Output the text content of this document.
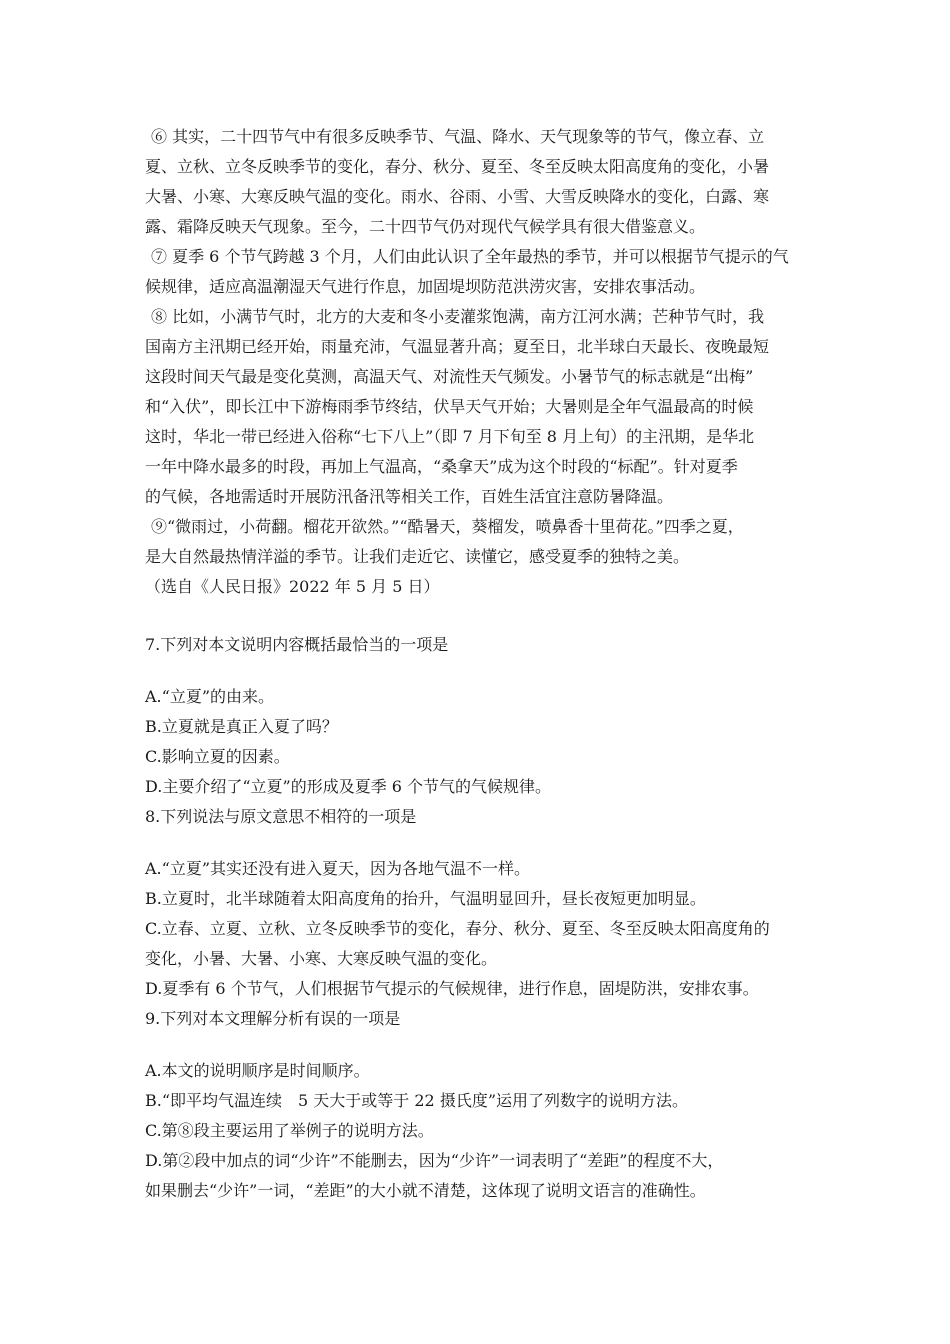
⑥ 其实，二十四节气中有很多反映季节、气温、降水、天气现象等的节气，像立春、立
夏、立秋、立冬反映季节的变化，春分、秋分、夏至、冬至反映太阳高度角的变化，小暑
大暑、小寒、大寒反映气温的变化。雨水、谷雨、小雪、大雪反映降水的变化，白露、寒
露、霜降反映天气现象。至今，二十四节气仍对现代气候学具有很大借鉴意义。
⑦ 夏季 6 个节气跨越 3 个月，人们由此认识了全年最热的季节，并可以根据节气提示的气
候规律，适应高温潮湿天气进行作息，加固堤坝防范洪涝灾害，安排农事活动。
⑧ 比如，小满节气时，北方的大麦和冬小麦灌浆饱满，南方江河水满；芒种节气时，我
国南方主汛期已经开始，雨量充沛，气温显著升高；夏至日，北半球白天最长、夜晚最短
这段时间天气最是变化莫测，高温天气、对流性天气频发。小暑节气的标志就是“出梅”
和“入伏”，即长江中下游梅雨季节终结，伏旱天气开始；大暑则是全年气温最高的时候
这时，华北一带已经进入俗称“七下八上”（即 7 月下旬至 8 月上旬）的主汛期，是华北
一年中降水最多的时段，再加上气温高，“桑拿天”成为这个时段的“标配”。针对夏季
的气候，各地需适时开展防汛备汛等相关工作，百姓生活宜注意防暑降温。
⑨“微雨过，小荷翻。榴花开欲然。”“酷暑天，葵榴发，喷鼻香十里荷花。”四季之夏，
是大自然最热情洋溢的季节。让我们走近它、读懂它，感受夏季的独特之美。
（选自《人民日报》2022 年 5 月 5 日）
7.下列对本文说明内容概括最恰当的一项是
A.“立夏”的由来。
B.立夏就是真正入夏了吗？
C.影响立夏的因素。
D.主要介绍了“立夏”的形成及夏季 6 个节气的气候规律。
8.下列说法与原文意思不相符的一项是
A.“立夏”其实还没有进入夏天，因为各地气温不一样。
B.立夏时，北半球随着太阳高度角的抬升，气温明显回升，昼长夜短更加明显。
C.立春、立夏、立秋、立冬反映季节的变化，春分、秋分、夏至、冬至反映太阳高度角的
变化，小暑、大暑、小寒、大寒反映气温的变化。
D.夏季有 6 个节气，人们根据节气提示的气候规律，进行作息，固堤防洪，安排农事。
9.下列对本文理解分析有误的一项是
A.本文的说明顺序是时间顺序。
B.“即平均气温连续　5 天大于或等于 22 摄氏度”运用了列数字的说明方法。
C.第⑧段主要运用了举例子的说明方法。
D.第②段中加点的词“少许”不能删去，因为“少许”一词表明了“差距”的程度不大，
如果删去“少许”一词，“差距”的大小就不清楚，这体现了说明文语言的准确性。
